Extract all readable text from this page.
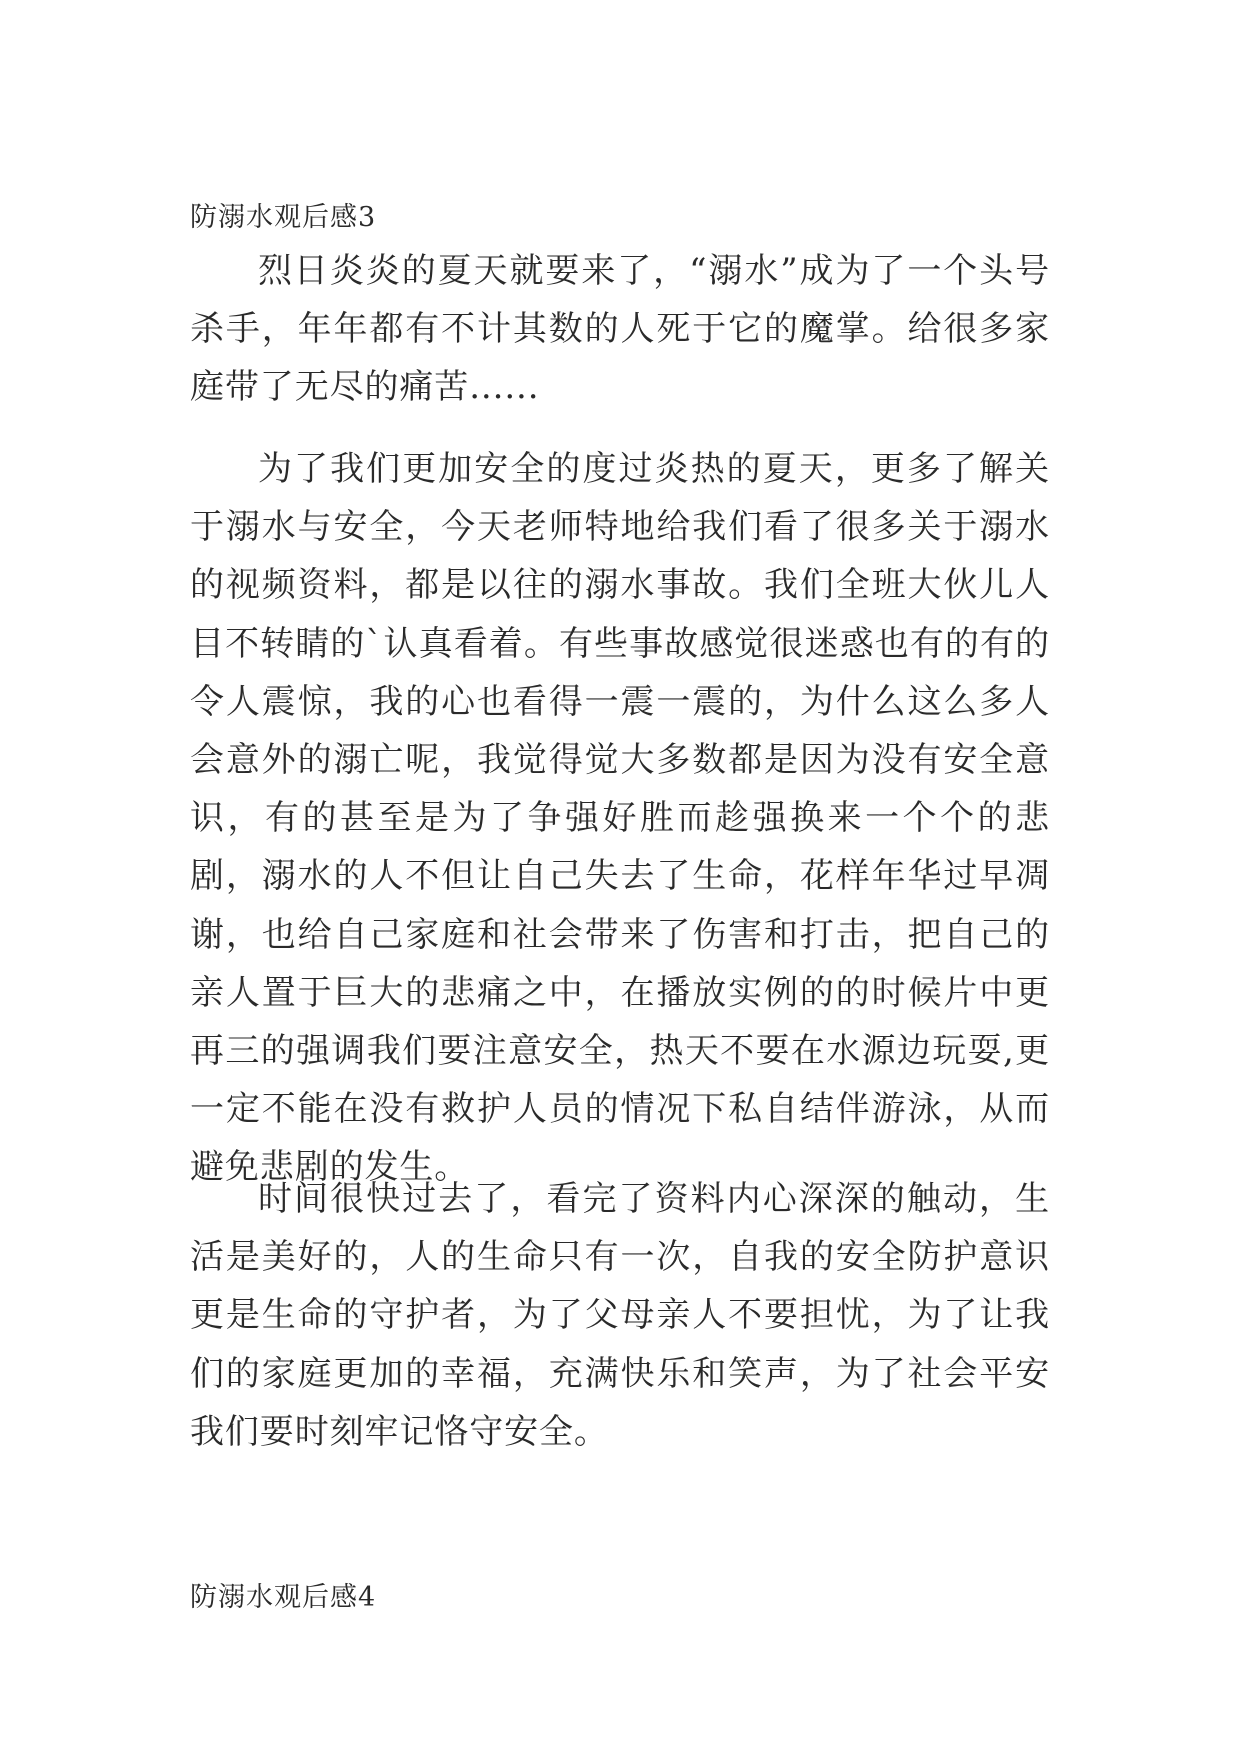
防溺水观后感3

烈日炎炎的夏天就要来了，“溺水”成为了一个头号杀手，年年都有不计其数的人死于它的魔掌。给很多家庭带了无尽的痛苦......

为了我们更加安全的度过炎热的夏天，更多了解关于溺水与安全，今天老师特地给我们看了很多关于溺水的视频资料，都是以往的溺水事故。我们全班大伙儿人目不转睛的`认真看着。有些事故感觉很迷惑也有的有的令人震惊，我的心也看得一震一震的，为什么这么多人会意外的溺亡呢，我觉得觉大多数都是因为没有安全意识，有的甚至是为了争强好胜而趁强换来一个个的悲剧，溺水的人不但让自己失去了生命，花样年华过早凋谢，也给自己家庭和社会带来了伤害和打击，把自己的亲人置于巨大的悲痛之中，在播放实例的的时候片中更再三的强调我们要注意安全，热天不要在水源边玩耍,更一定不能在没有救护人员的情况下私自结伴游泳，从而避免悲剧的发生。

时间很快过去了，看完了资料内心深深的触动，生活是美好的，人的生命只有一次，自我的安全防护意识更是生命的守护者，为了父母亲人不要担忧，为了让我们的家庭更加的幸福，充满快乐和笑声，为了社会平安我们要时刻牢记恪守安全。

防溺水观后感4
